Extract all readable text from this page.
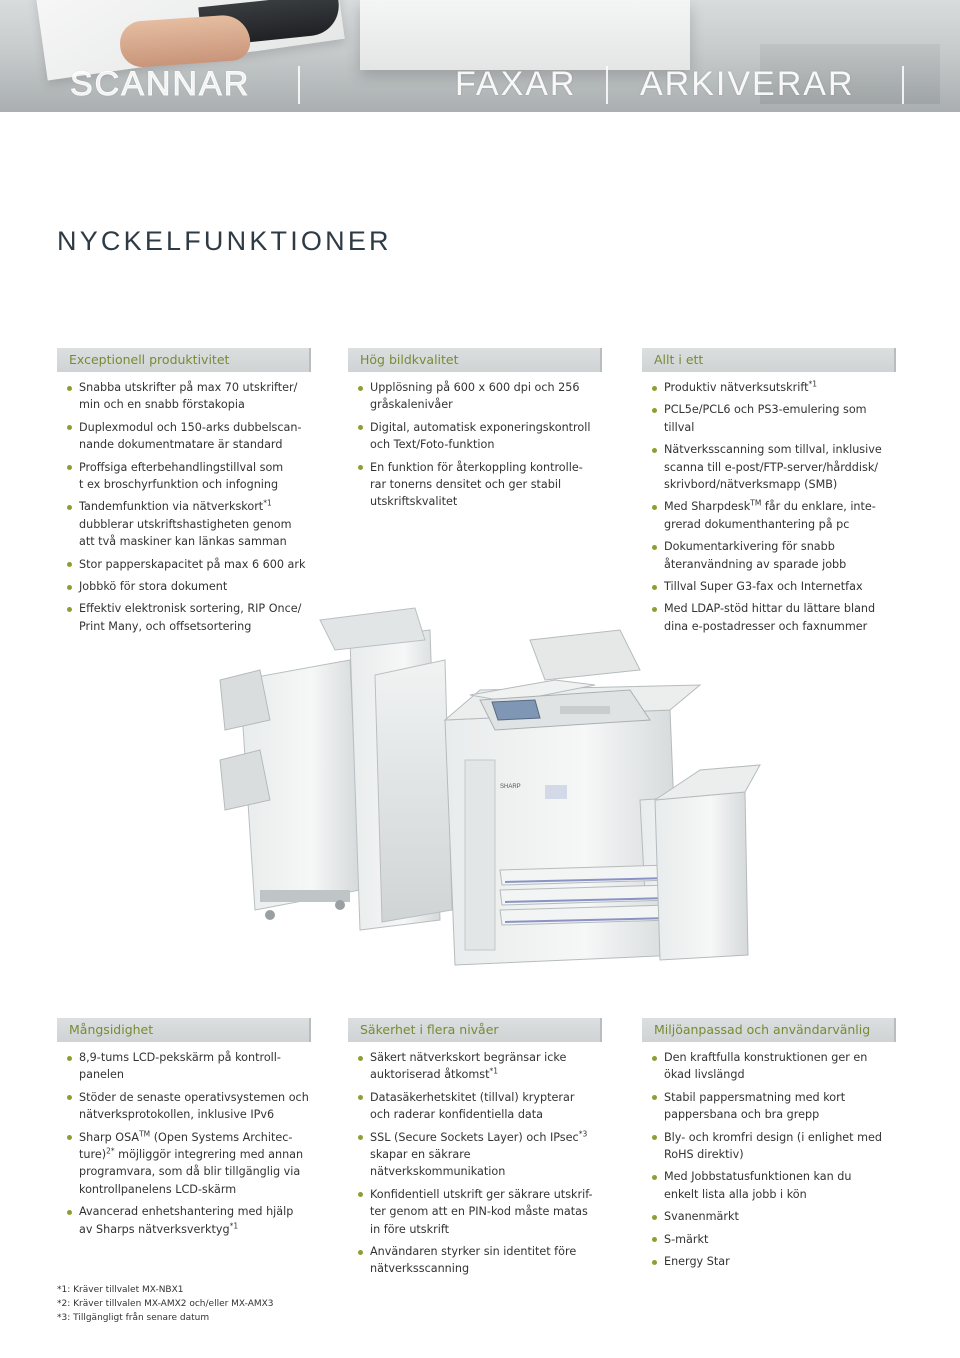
SCANNAR	FAXAR ARKIVERAR
NYCKELFUNKTIONER
Exceptionell produktivitet
Snabba utskrifter på max 70 utskrifter/
min och en snabb förstakopia
Duplexmodul och 150-arks dubbelscan-
nande dokumentmatare är standard
Proffsiga efterbehandlingstillval som
t ex broschyrfunktion och infogning
Tandemfunktion via nätverkskort$^{*1}$
dubblerar utskriftshastigheten genom
att två maskiner kan länkas samman
Stor papperskapacitet på max 6 600 ark
Jobbkö för stora dokument
Effektiv elektronisk sortering, RIP Once/
Print Many, och offsetsortering
Hög bildkvalitet
Upplösning på 600 x 600 dpi och 256
gråskalenivåer
Digital, automatisk exponeringskontroll
och Text/Foto-funktion
En funktion för återkoppling kontrolle-
rar tonerns densitet och ger stabil
utskriftskvalitet
Allt i ett
Produktiv nätverksutskrift$^{*1}$
PCL5e/PCL6 och PS3-emulering som
tillval
Nätverksscanning som tillval, inklusive
scanna till e-post/FTP-server/hårddisk/
skrivbord/nätverksmapp (SMB)
Med Sharpdesk™ får du enklare, inte-
grerad dokumenthantering på pc
Dokumentarkivering för snabb
återanvändning av sparade jobb
Tillval Super G3-fax och Internetfax
Med LDAP-stöd hittar du lättare bland
dina e-postadresser och faxnummer
SHARP
Mångsidighet
8,9-tums LCD-pekskärm på kontroll-
panelen
Stöder de senaste operativsystemen och
nätverksprotokollen, inklusive IPv6
Sharp OSA™ (Open Systems Architec-
ture)$^{2*}$ möjliggör integrering med annan
programvara, som då blir tillgänglig via
kontrollpanelens LCD-skärm
Avancerad enhetshantering med hjälp
av Sharps nätverksverktyg$^{*1}$
Säkerhet i flera nivåer
Säkert nätverkskort begränsar icke
auktoriserad åtkomst$^{*1}$
Datasäkerhetskitet (tillval) krypterar
och raderar konfidentiella data
SSL (Secure Sockets Layer) och IPsec$^{*3}$
skapar en säkrare nätverkskommunikation
Konfidentiell utskrift ger säkrare utskrif-
ter genom att en PIN-kod måste matas
in före utskrift
Användaren styrker sin identitet före
nätverksscanning
Miljöanpassad och användarvänlig
Den kraftfulla konstruktionen ger en
ökad livslängd
Stabil pappersmatning med kort
pappersbana och bra grepp
Bly- och kromfri design (i enlighet med
RoHS direktiv)
Med Jobbstatusfunktionen kan du
enkelt lista alla jobb i kön
Svanenmärkt
S-märkt
Energy Star

*1: Kräver tillvalet MX-NBX1

*2: Kräver tillvalen MX-AMX2 och/eller MX-AMX3

*3: Tillgängligt från senare datum
